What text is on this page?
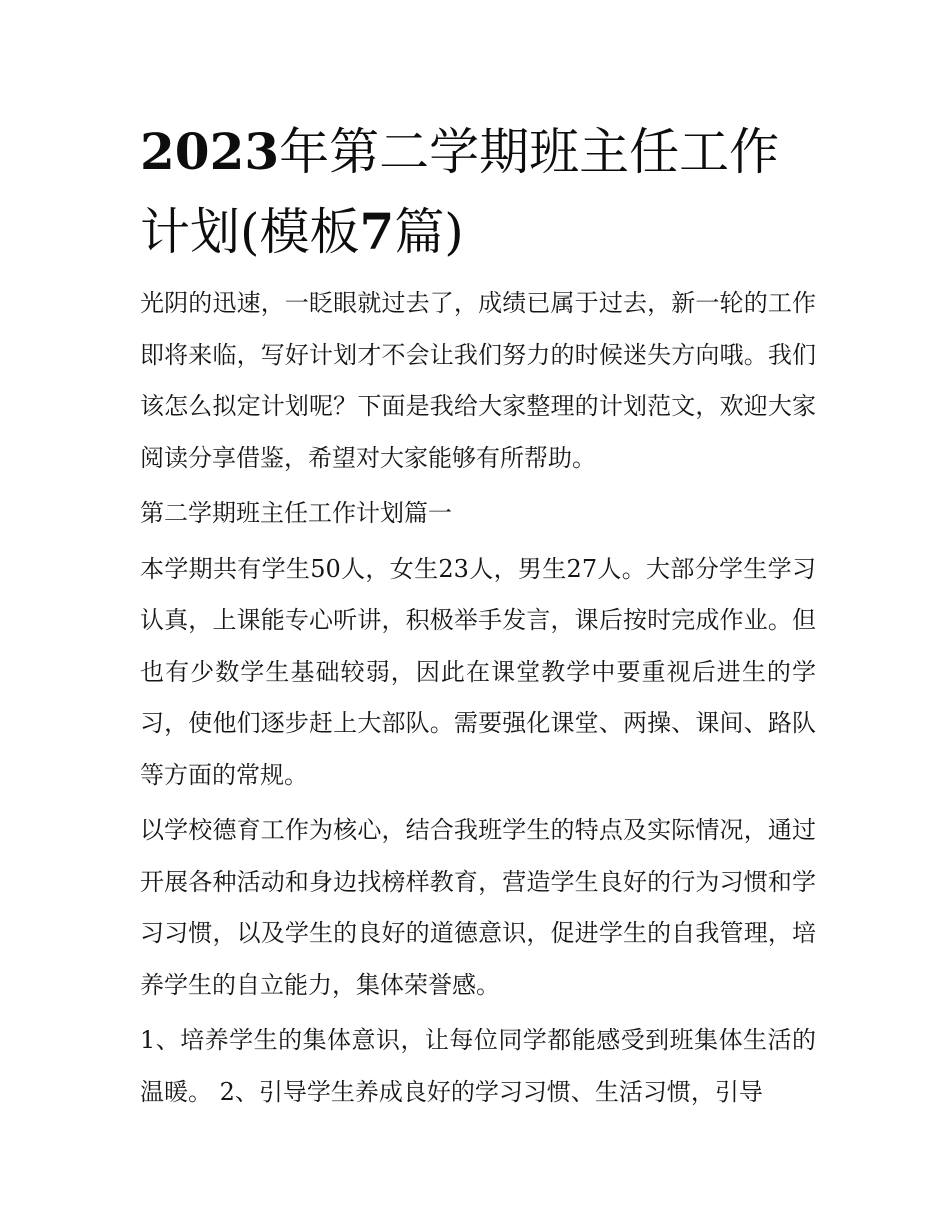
2023年第二学期班主任工作计划(模板7篇)

光阴的迅速，一眨眼就过去了，成绩已属于过去，新一轮的工作即将来临，写好计划才不会让我们努力的时候迷失方向哦。我们该怎么拟定计划呢？下面是我给大家整理的计划范文，欢迎大家阅读分享借鉴，希望对大家能够有所帮助。

第二学期班主任工作计划篇一

本学期共有学生50人，女生23人，男生27人。大部分学生学习认真，上课能专心听讲，积极举手发言，课后按时完成作业。但也有少数学生基础较弱，因此在课堂教学中要重视后进生的学习，使他们逐步赶上大部队。需要强化课堂、两操、课间、路队等方面的常规。

以学校德育工作为核心，结合我班学生的特点及实际情况，通过开展各种活动和身边找榜样教育，营造学生良好的行为习惯和学习习惯，以及学生的良好的道德意识，促进学生的自我管理，培养学生的自立能力，集体荣誉感。

1、培养学生的集体意识，让每位同学都能感受到班集体生活的温暖。 2、引导学生养成良好的学习习惯、生活习惯，引导
